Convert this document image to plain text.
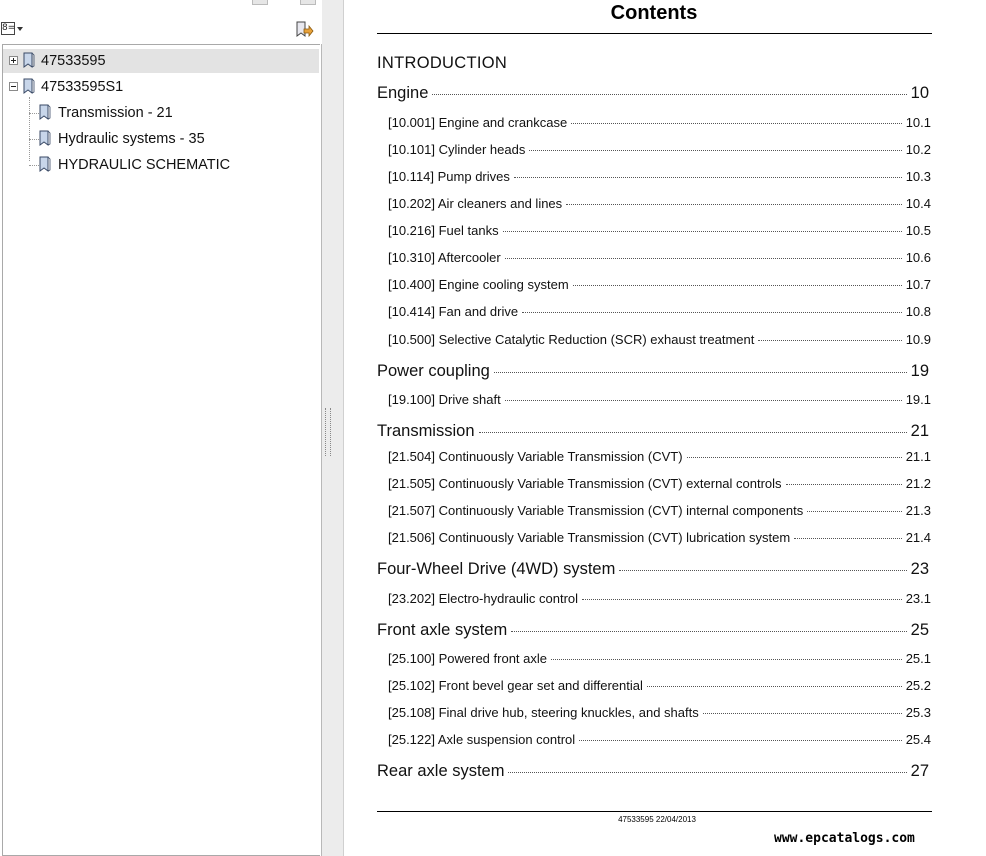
8=
47533595
47533595S1
Transmission - 21
Hydraulic systems - 35
HYDRAULIC SCHEMATIC
Contents
INTRODUCTION
Engine	10
[10.001] Engine and crankcase	10.1
[10.101] Cylinder heads	10.2
[10.114] Pump drives	10.3
[10.202] Air cleaners and lines	10.4
[10.216] Fuel tanks	10.5
[10.310] Aftercooler	10.6
[10.400] Engine cooling system	10.7
[10.414] Fan and drive	10.8
[10.500] Selective Catalytic Reduction (SCR) exhaust treatment	10.9
Power coupling	19
[19.100] Drive shaft	19.1
Transmission	21
[21.504] Continuously Variable Transmission (CVT)	21.1
[21.505] Continuously Variable Transmission (CVT) external controls	21.2
[21.507] Continuously Variable Transmission (CVT) internal components	21.3
[21.506] Continuously Variable Transmission (CVT) lubrication system	21.4
Four-Wheel Drive (4WD) system	23
[23.202] Electro-hydraulic control	23.1
Front axle system	25
[25.100] Powered front axle	25.1
[25.102] Front bevel gear set and differential	25.2
[25.108] Final drive hub, steering knuckles, and shafts	25.3
[25.122] Axle suspension control	25.4
Rear axle system	27
47533595 22/04/2013
www.epcatalogs.com
